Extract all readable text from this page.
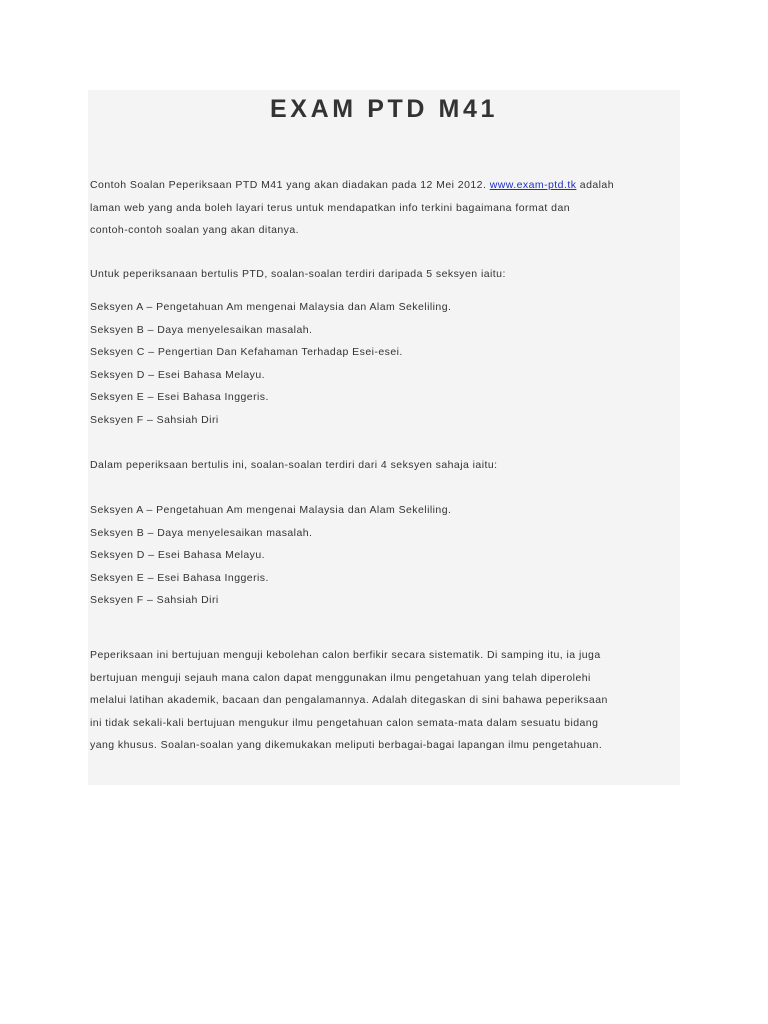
EXAM PTD M41
Contoh Soalan Peperiksaan PTD M41 yang akan diadakan pada 12 Mei 2012. www.exam-ptd.tk adalah
laman web yang anda boleh layari terus untuk mendapatkan info terkini bagaimana format dan
contoh-contoh soalan yang akan ditanya.
Untuk peperiksanaan bertulis PTD, soalan-soalan terdiri daripada 5 seksyen iaitu:
Seksyen A – Pengetahuan Am mengenai Malaysia dan Alam Sekeliling.
Seksyen B – Daya menyelesaikan masalah.
Seksyen C – Pengertian Dan Kefahaman Terhadap Esei-esei.
Seksyen D – Esei Bahasa Melayu.
Seksyen E – Esei Bahasa Inggeris.
Seksyen F – Sahsiah Diri
Dalam peperiksaan bertulis ini, soalan-soalan terdiri dari 4 seksyen sahaja iaitu:
Seksyen A – Pengetahuan Am mengenai Malaysia dan Alam Sekeliling.
Seksyen B – Daya menyelesaikan masalah.
Seksyen D – Esei Bahasa Melayu.
Seksyen E – Esei Bahasa Inggeris.
Seksyen F – Sahsiah Diri
Peperiksaan ini bertujuan menguji kebolehan calon berfikir secara sistematik. Di samping itu, ia juga
bertujuan menguji sejauh mana calon dapat menggunakan ilmu pengetahuan yang telah diperolehi
melalui latihan akademik, bacaan dan pengalamannya. Adalah ditegaskan di sini bahawa peperiksaan
ini tidak sekali-kali bertujuan mengukur ilmu pengetahuan calon semata-mata dalam sesuatu bidang
yang khusus. Soalan-soalan yang dikemukakan meliputi berbagai-bagai lapangan ilmu pengetahuan.
